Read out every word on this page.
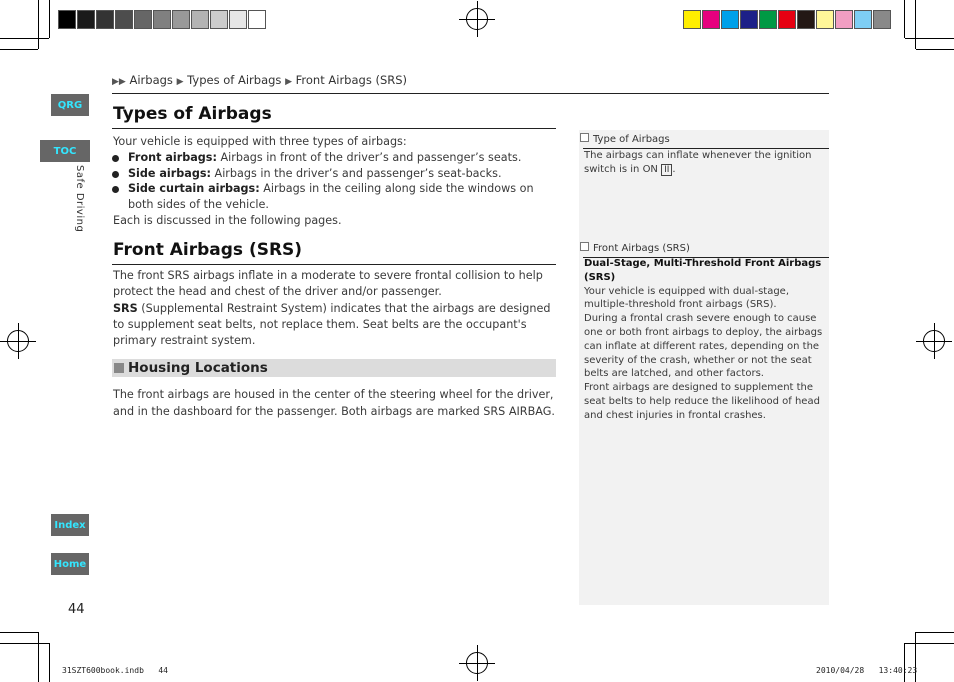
QRG
TOC
Safe Driving
Index
Home
▶▶ Airbags ▶ Types of Airbags ▶ Front Airbags (SRS)
Types of Airbags
Your vehicle is equipped with three types of airbags:
Front airbags: Airbags in front of the driver’s and passenger’s seats.
Side airbags: Airbags in the driver’s and passenger’s seat-backs.
Side curtain airbags: Airbags in the ceiling along side the windows on both sides of the vehicle.
Each is discussed in the following pages.
Front Airbags (SRS)
The front SRS airbags inflate in a moderate to severe frontal collision to help protect the head and chest of the driver and/or passenger.
SRS (Supplemental Restraint System) indicates that the airbags are designed to supplement seat belts, not replace them. Seat belts are the occupant's primary restraint system.
Housing Locations
The front airbags are housed in the center of the steering wheel for the driver, and in the dashboard for the passenger. Both airbags are marked SRS AIRBAG.
Type of Airbags
The airbags can inflate whenever the ignition switch is in ON II .
Front Airbags (SRS)
Dual-Stage, Multi-Threshold Front Airbags (SRS)
Your vehicle is equipped with dual-stage, multiple-threshold front airbags (SRS).
During a frontal crash severe enough to cause one or both front airbags to deploy, the airbags can inflate at different rates, depending on the severity of the crash, whether or not the seat belts are latched, and other factors.
Front airbags are designed to supplement the seat belts to help reduce the likelihood of head and chest injuries in frontal crashes.
44
31SZT600book.indb   44	2010/04/28   13:40:23
